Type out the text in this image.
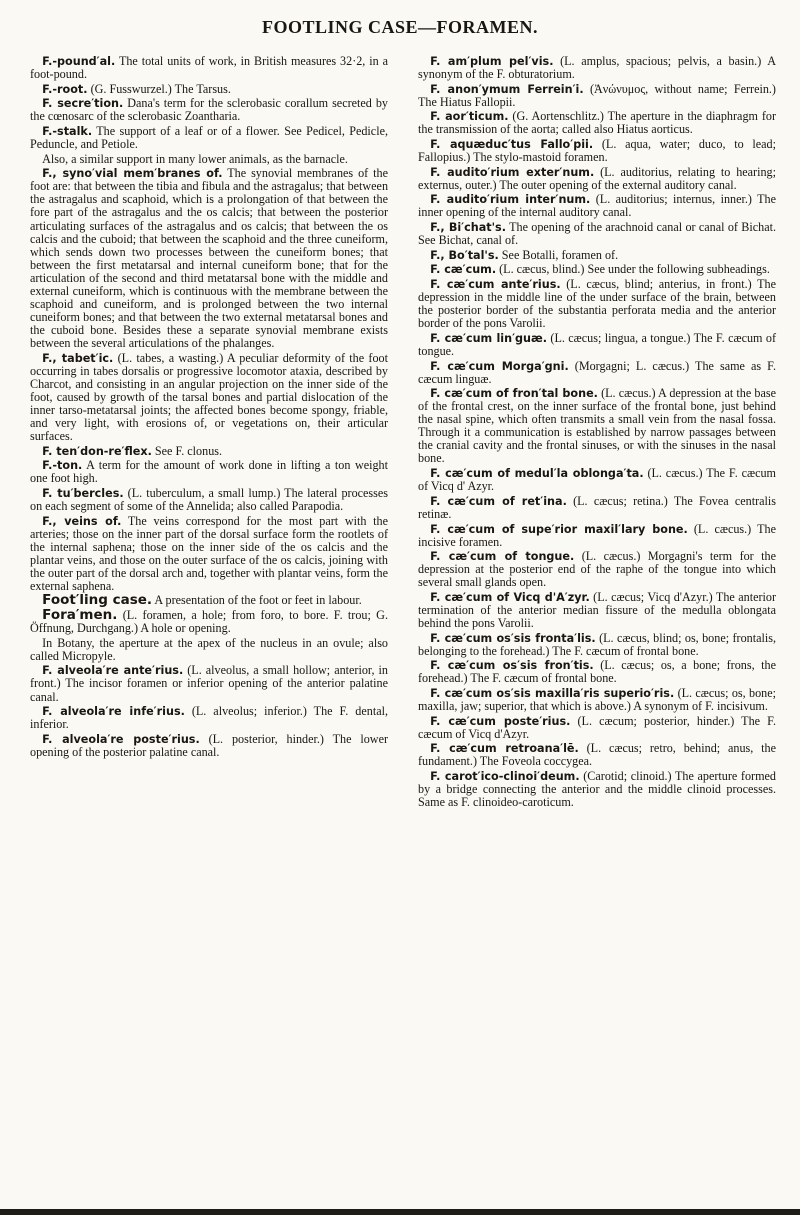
FOOTLING CASE—FORAMEN.

F.-pound′al. The total units of work, in British measures 32·2, in a foot-pound.

F.-root. (G. Fusswurzel.) The Tarsus.

F. secre′tion. Dana's term for the sclerobasic corallum secreted by the cœnosarc of the sclerobasic Zoantharia.

F.-stalk. The support of a leaf or of a flower. See Pedicel, Pedicle, Peduncle, and Petiole.

Also, a similar support in many lower animals, as the barnacle.

F., syno′vial mem′branes of. The synovial membranes of the foot are: that between the tibia and fibula and the astragalus; that between the astragalus and scaphoid, which is a prolongation of that between the fore part of the astragalus and the os calcis; that between the posterior articulating surfaces of the astragalus and os calcis; that between the os calcis and the cuboid; that between the scaphoid and the three cuneiform, which sends down two processes between the cuneiform bones; that between the first metatarsal and internal cuneiform bone; that for the articulation of the second and third metatarsal bone with the middle and external cuneiform, which is continuous with the membrane between the scaphoid and cuneiform, and is prolonged between the two internal cuneiform bones; and that between the two external metatarsal bones and the cuboid bone. Besides these a separate synovial membrane exists between the several articulations of the phalanges.

F., tabet′ic. (L. tabes, a wasting.) A peculiar deformity of the foot occurring in tabes dorsalis or progressive locomotor ataxia, described by Charcot, and consisting in an angular projection on the inner side of the foot, caused by growth of the tarsal bones and partial dislocation of the inner tarso-metatarsal joints; the affected bones become spongy, friable, and very light, with erosions of, or vegetations on, their articular surfaces.

F. ten′don-re′flex. See F. clonus.

F.-ton. A term for the amount of work done in lifting a ton weight one foot high.

F. tu′bercles. (L. tuberculum, a small lump.) The lateral processes on each segment of some of the Annelida; also called Parapodia.

F., veins of. The veins correspond for the most part with the arteries; those on the inner part of the dorsal surface form the rootlets of the internal saphena; those on the inner side of the os calcis and the plantar veins, and those on the outer surface of the os calcis, joining with the outer part of the dorsal arch and, together with plantar veins, form the external saphena.

Foot′ling case. A presentation of the foot or feet in labour.

Fora′men. (L. foramen, a hole; from foro, to bore. F. trou; G. Öffnung, Durchgang.) A hole or opening.

In Botany, the aperture at the apex of the nucleus in an ovule; also called Micropyle.

F. alveola′re ante′rius. (L. alveolus, a small hollow; anterior, in front.) The incisor foramen or inferior opening of the anterior palatine canal.

F. alveola′re infe′rius. (L. alveolus; inferior.) The F. dental, inferior.

F. alveola′re poste′rius. (L. posterior, hinder.) The lower opening of the posterior palatine canal.

F. am′plum pel′vis. (L. amplus, spacious; pelvis, a basin.) A synonym of the F. obturatorium.

F. anon′ymum Ferrein′i. (Ἀνώνυμος, without name; Ferrein.) The Hiatus Fallopii.

F. aor′ticum. (G. Aortenschlitz.) The aperture in the diaphragm for the transmission of the aorta; called also Hiatus aorticus.

F. aquæduc′tus Fallo′pii. (L. aqua, water; duco, to lead; Fallopius.) The stylo-mastoid foramen.

F. audito′rium exter′num. (L. auditorius, relating to hearing; externus, outer.) The outer opening of the external auditory canal.

F. audito′rium inter′num. (L. auditorius; internus, inner.) The inner opening of the internal auditory canal.

F., Bi′chat's. The opening of the arachnoid canal or canal of Bichat. See Bichat, canal of.

F., Bo′tal's. See Botalli, foramen of.

F. cæ′cum. (L. cæcus, blind.) See under the following subheadings.

F. cæ′cum ante′rius. (L. cæcus, blind; anterius, in front.) The depression in the middle line of the under surface of the brain, between the posterior border of the substantia perforata media and the anterior border of the pons Varolii.

F. cæ′cum lin′guæ. (L. cæcus; lingua, a tongue.) The F. cæcum of tongue.

F. cæ′cum Morga′gni. (Morgagni; L. cæcus.) The same as F. cæcum linguæ.

F. cæ′cum of fron′tal bone. (L. cæcus.) A depression at the base of the frontal crest, on the inner surface of the frontal bone, just behind the nasal spine, which often transmits a small vein from the nasal fossa. Through it a communication is established by narrow passages between the cranial cavity and the frontal sinuses, or with the sinuses in the nasal bone.

F. cæ′cum of medul′la oblonga′ta. (L. cæcus.) The F. cæcum of Vicq d' Azyr.

F. cæ′cum of ret′ina. (L. cæcus; retina.) The Fovea centralis retinæ.

F. cæ′cum of supe′rior maxil′lary bone. (L. cæcus.) The incisive foramen.

F. cæ′cum of tongue. (L. cæcus.) Morgagni's term for the depression at the posterior end of the raphe of the tongue into which several small glands open.

F. cæ′cum of Vicq d'A′zyr. (L. cæcus; Vicq d'Azyr.) The anterior termination of the anterior median fissure of the medulla oblongata behind the pons Varolii.

F. cæ′cum os′sis fronta′lis. (L. cæcus, blind; os, bone; frontalis, belonging to the forehead.) The F. cæcum of frontal bone.

F. cæ′cum os′sis fron′tis. (L. cæcus; os, a bone; frons, the forehead.) The F. cæcum of frontal bone.

F. cæ′cum os′sis maxilla′ris superio′ris. (L. cæcus; os, bone; maxilla, jaw; superior, that which is above.) A synonym of F. incisivum.

F. cæ′cum poste′rius. (L. cæcum; posterior, hinder.) The F. cæcum of Vicq d'Azyr.

F. cæ′cum retroana′lē. (L. cæcus; retro, behind; anus, the fundament.) The Foveola coccygea.

F. carot′ico-clinoi′deum. (Carotid; clinoid.) The aperture formed by a bridge connecting the anterior and the middle clinoid processes. Same as F. clinoideo-caroticum.
